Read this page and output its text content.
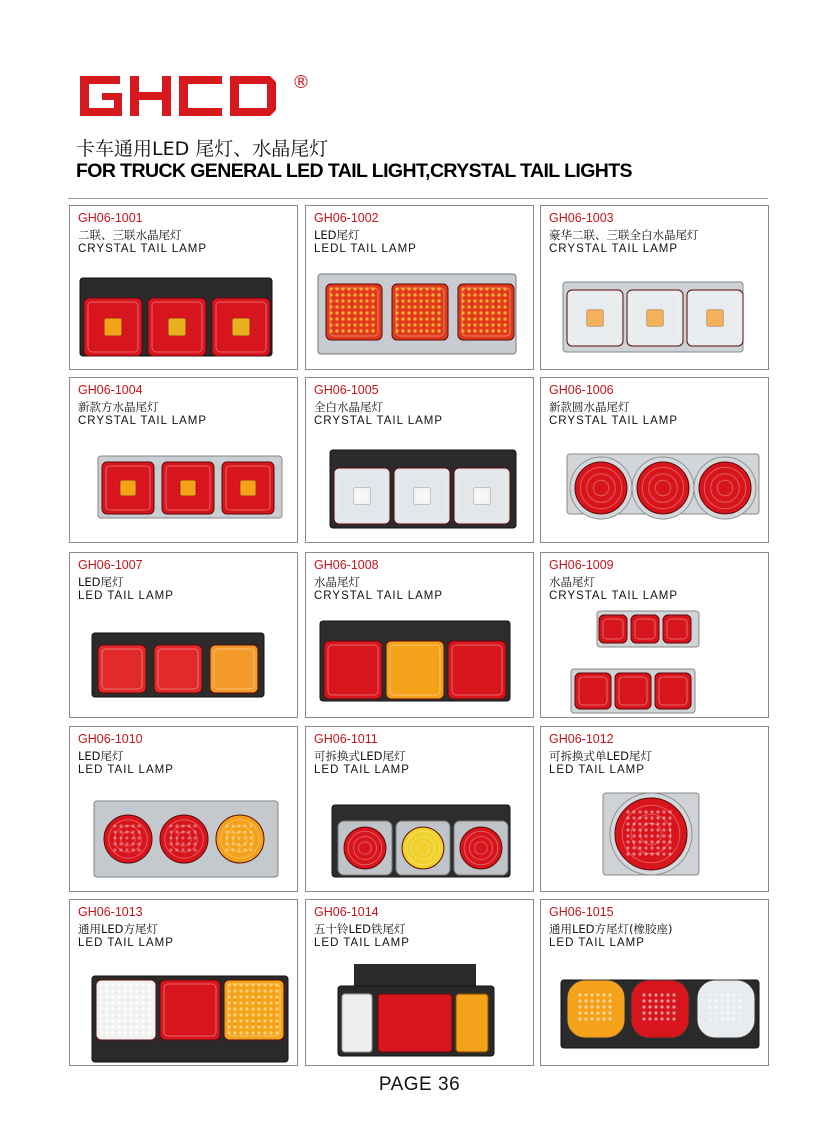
®
卡车通用LED 尾灯、水晶尾灯
FOR TRUCK GENERAL LED TAIL LIGHT,CRYSTAL TAIL LIGHTS
GH06-1001
二联、三联水晶尾灯
CRYSTAL TAIL LAMP
GH06-1002
LED尾灯
LEDL TAIL LAMP
GH06-1003
豪华二联、三联全白水晶尾灯
CRYSTAL TAIL LAMP
GH06-1004
新款方水晶尾灯
CRYSTAL TAIL LAMP
GH06-1005
全白水晶尾灯
CRYSTAL TAIL LAMP
GH06-1006
新款圆水晶尾灯
CRYSTAL TAIL LAMP
GH06-1007
LED尾灯
LED TAIL LAMP
GH06-1008
水晶尾灯
CRYSTAL TAIL LAMP
GH06-1009
水晶尾灯
CRYSTAL TAIL LAMP
GH06-1010
LED尾灯
LED TAIL LAMP
GH06-1011
可拆换式LED尾灯
LED TAIL LAMP
GH06-1012
可拆换式单LED尾灯
LED TAIL LAMP
GH06-1013
通用LED方尾灯
LED TAIL LAMP
GH06-1014
五十铃LED铁尾灯
LED TAIL LAMP
GH06-1015
通用LED方尾灯(橡胶座)
LED TAIL LAMP
PAGE 36
